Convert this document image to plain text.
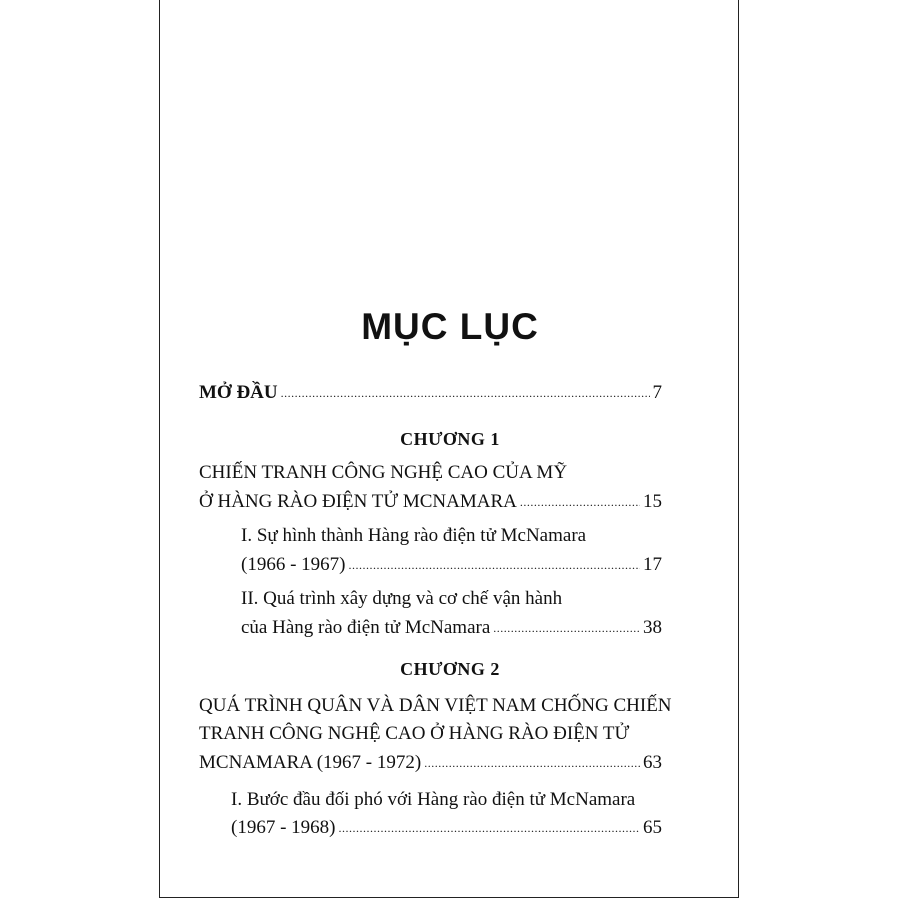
MỤC LỤC
MỞ ĐẦU .....	7
CHƯƠNG 1
CHIẾN TRANH CÔNG NGHỆ CAO CỦA MỸ
Ở HÀNG RÀO ĐIỆN TỬ MCNAMARA .....	15
I. Sự hình thành Hàng rào điện tử McNamara
(1966 - 1967) .....	17
II. Quá trình xây dựng và cơ chế vận hành
của Hàng rào điện tử McNamara .....	38
CHƯƠNG 2
QUÁ TRÌNH QUÂN VÀ DÂN VIỆT NAM CHỐNG CHIẾN
TRANH CÔNG NGHỆ CAO Ở HÀNG RÀO ĐIỆN TỬ
MCNAMARA (1967 - 1972) .....	63
I. Bước đầu đối phó với Hàng rào điện tử McNamara
(1967 - 1968) .....	65
